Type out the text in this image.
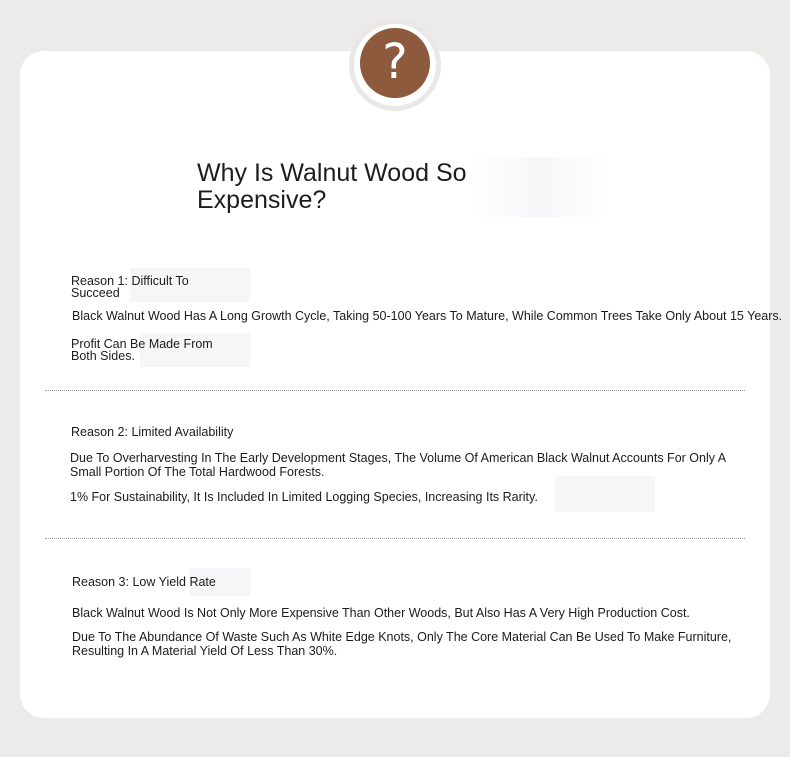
?
Why Is Walnut Wood So Expensive?

Reason 1: Difficult To Succeed

Black Walnut Wood Has A Long Growth Cycle, Taking 50-100 Years To Mature, While Common Trees Take Only About 15 Years.

Profit Can Be Made From Both Sides.

Reason 2: Limited Availability

Due To Overharvesting In The Early Development Stages, The Volume Of American Black Walnut Accounts For Only A Small Portion Of The Total Hardwood Forests.

1% For Sustainability, It Is Included In Limited Logging Species, Increasing Its Rarity.

Reason 3: Low Yield Rate

Black Walnut Wood Is Not Only More Expensive Than Other Woods, But Also Has A Very High Production Cost.

Due To The Abundance Of Waste Such As White Edge Knots, Only The Core Material Can Be Used To Make Furniture, Resulting In A Material Yield Of Less Than 30%.
